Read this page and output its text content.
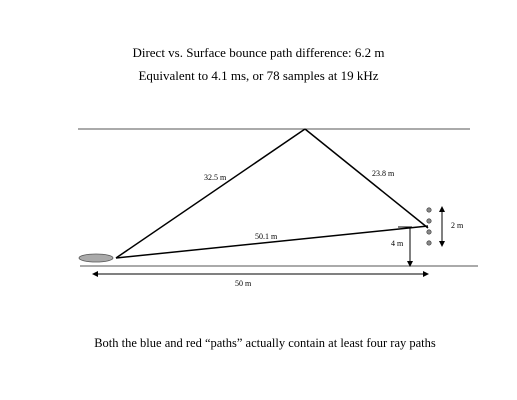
Direct vs. Surface bounce path difference: 6.2 m
Equivalent to 4.1 ms, or 78 samples at 19 kHz
32.5 m	23.8 m
50.1 m
4 m
2 m
50 m
Both the blue and red “paths” actually contain at least four ray paths
